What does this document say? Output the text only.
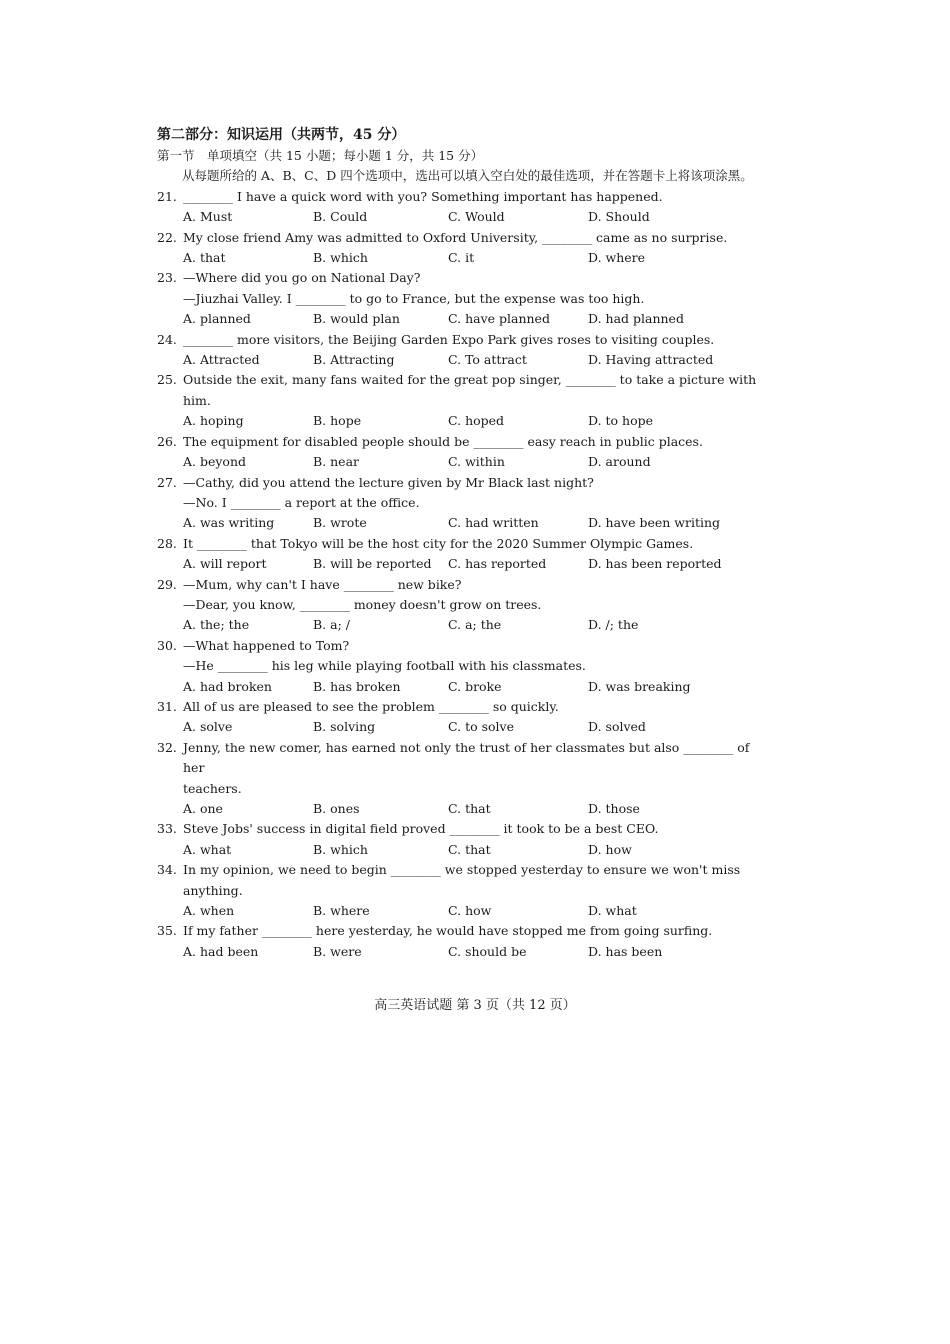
第二部分：知识运用（共两节，45 分）
第一节　单项填空（共 15 小题；每小题 1 分，共 15 分）
从每题所给的 A、B、C、D 四个选项中，选出可以填入空白处的最佳选项，并在答题卡上将该项涂黑。
21. ________ I have a quick word with you? Something important has happened.
A. Must	B. Could	C. Would	D. Should
22. My close friend Amy was admitted to Oxford University, ________ came as no surprise.
A. that	B. which	C. it	D. where
23. —Where did you go on National Day?
—Jiuzhai Valley. I ________ to go to France, but the expense was too high.
A. planned	B. would plan	C. have planned	D. had planned
24. ________ more visitors, the Beijing Garden Expo Park gives roses to visiting couples.
A. Attracted	B. Attracting	C. To attract	D. Having attracted
25. Outside the exit, many fans waited for the great pop singer, ________ to take a picture with
him.
A. hoping	B. hope	C. hoped	D. to hope
26. The equipment for disabled people should be ________ easy reach in public places.
A. beyond	B. near	C. within	D. around
27. —Cathy, did you attend the lecture given by Mr Black last night?
—No. I ________ a report at the office.
A. was writing	B. wrote	C. had written	D. have been writing
28. It ________ that Tokyo will be the host city for the 2020 Summer Olympic Games.
A. will report	B. will be reported	C. has reported	D. has been reported
29. —Mum, why can't I have ________ new bike?
—Dear, you know, ________ money doesn't grow on trees.
A. the; the	B. a; /	C. a; the	D. /; the
30. —What happened to Tom?
—He ________ his leg while playing football with his classmates.
A. had broken	B. has broken	C. broke	D. was breaking
31. All of us are pleased to see the problem ________ so quickly.
A. solve	B. solving	C. to solve	D. solved
32. Jenny, the new comer, has earned not only the trust of her classmates but also ________ of her
teachers.
A. one	B. ones	C. that	D. those
33. Steve Jobs' success in digital field proved ________ it took to be a best CEO.
A. what	B. which	C. that	D. how
34. In my opinion, we need to begin ________ we stopped yesterday to ensure we won't miss
anything.
A. when	B. where	C. how	D. what
35. If my father ________ here yesterday, he would have stopped me from going surfing.
A. had been	B. were	C. should be	D. has been
高三英语试题 第 3 页（共 12 页）
